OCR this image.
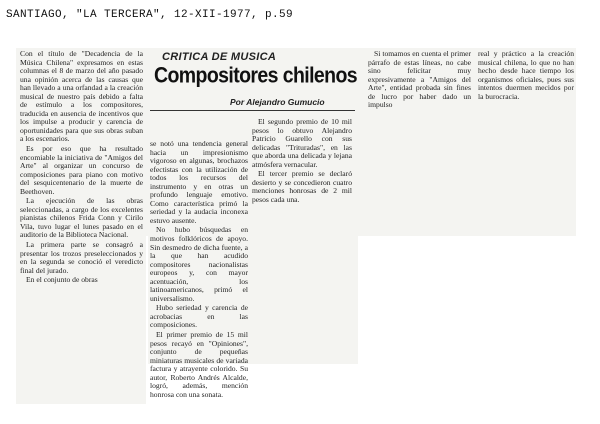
SANTIAGO, "LA TERCERA", 12-XII-1977, p.59
CRITICA DE MUSICA
Compositores chilenos
Por Alejandro Gumucio

Con el título de "Decadencia de la Música Chilena" expresamos en estas columnas el 8 de marzo del año pasado una opinión acerca de las causas que han llevado a una orfandad a la creación musical de nuestro país debido a falta de estímulo a los compositores, traducida en ausencia de incentivos que los impulse a producir y carencia de oportunidades para que sus obras suban a los escenarios.

Es por eso que ha resultado encomiable la iniciativa de "Amigos del Arte" al organizar un concurso de composiciones para piano con motivo del sesquicentenario de la muerte de Beethoven.

La ejecución de las obras seleccionadas, a cargo de los excelentes pianistas chilenos Frida Conn y Cirilo Vila, tuvo lugar el lunes pasado en el auditorio de la Biblioteca Nacional.

La primera parte se consagró a presentar los trozos preseleccionados y en la segunda se conoció el veredicto final del jurado.

En el conjunto de obras

se notó una tendencia general hacia un impresionismo vigoroso en algunas, brochazos efectistas con la utilización de todos los recursos del instrumento y en otras un profundo lenguaje emotivo. Como característica primó la seriedad y la audacia inconexa estuvo ausente.

No hubo búsquedas en motivos folklóricos de apoyo. Sin desmedro de dicha fuente, a la que han acudido compositores nacionalistas europeos y, con mayor acentuación, los latinoamericanos, primó el universalismo.

Hubo seriedad y carencia de acrobacias en las composiciones.

El primer premio de 15 mil pesos recayó en "Opiniones", conjunto de pequeñas miniaturas musicales de variada factura y atrayente colorido. Su autor, Roberto Andrés Alcalde, logró, además, mención honrosa con una sonata.

El segundo premio de 10 mil pesos lo obtuvo Alejandro Patricio Guarello con sus delicadas "Trituradas", en las que aborda una delicada y lejana atmósfera vernacular.

El tercer premio se declaró desierto y se concedieron cuatro menciones honrosas de 2 mil pesos cada una.

Si tomamos en cuenta el primer párrafo de estas líneas, no cabe sino felicitar muy expresivamente a "Amigos del Arte", entidad probada sin fines de lucro por haber dado un impulso

real y práctico a la creación musical chilena, lo que no han hecho desde hace tiempo los organismos oficiales, pues sus intentos duermen mecidos por la burocracia.
